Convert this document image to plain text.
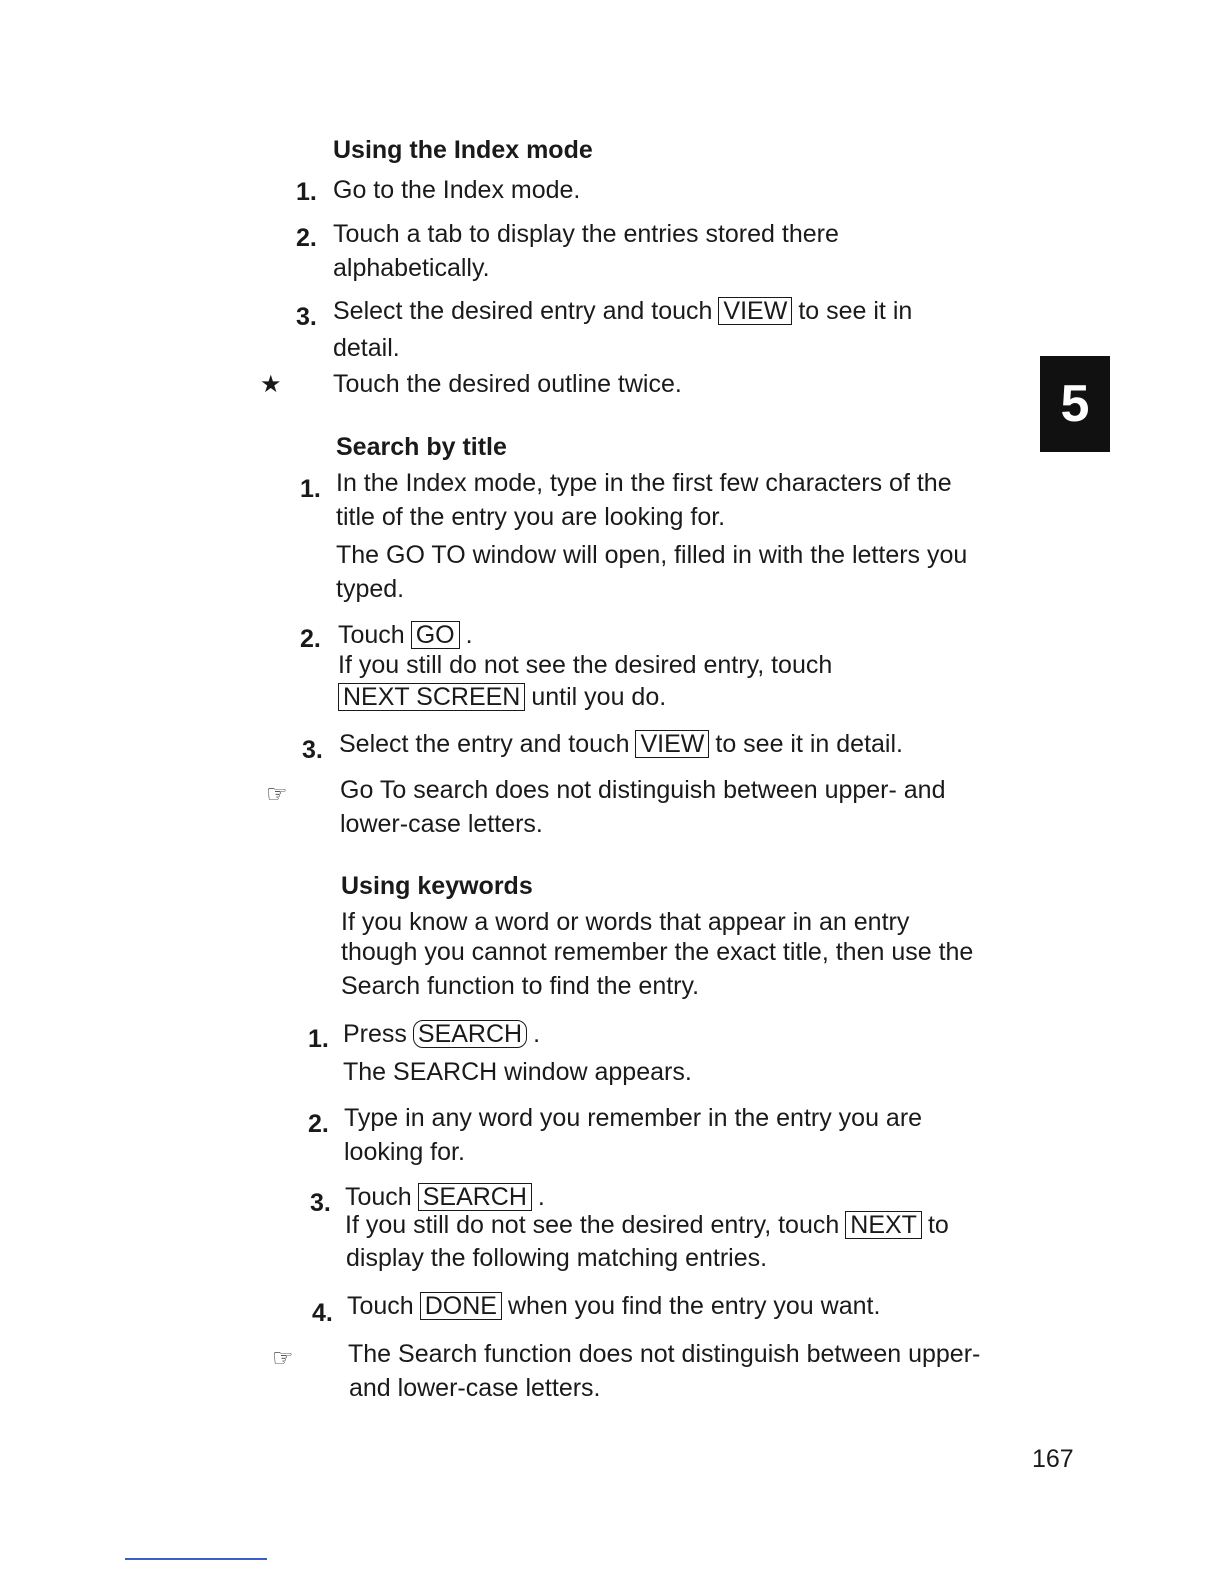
Using the Index mode
1. Go to the Index mode.
2. Touch a tab to display the entries stored there
alphabetically.
3. Select the desired entry and touch VIEW to see it in
detail.
★ Touch the desired outline twice.	5
Search by title
1. In the Index mode, type in the first few characters of the
title of the entry you are looking for.
The GO TO window will open, filled in with the letters you
typed.
2. Touch GO .
If you still do not see the desired entry, touch
NEXT SCREEN until you do.
3. Select the entry and touch VIEW to see it in detail.
☞ Go To search does not distinguish between upper- and
lower-case letters.
Using keywords
If you know a word or words that appear in an entry
though you cannot remember the exact title, then use the
Search function to find the entry.
1. Press SEARCH .
The SEARCH window appears.
2. Type in any word you remember in the entry you are
looking for.
3. Touch SEARCH .
If you still do not see the desired entry, touch NEXT to
display the following matching entries.
4. Touch DONE when you find the entry you want.
☞ The Search function does not distinguish between upper-
and lower-case letters.
167
